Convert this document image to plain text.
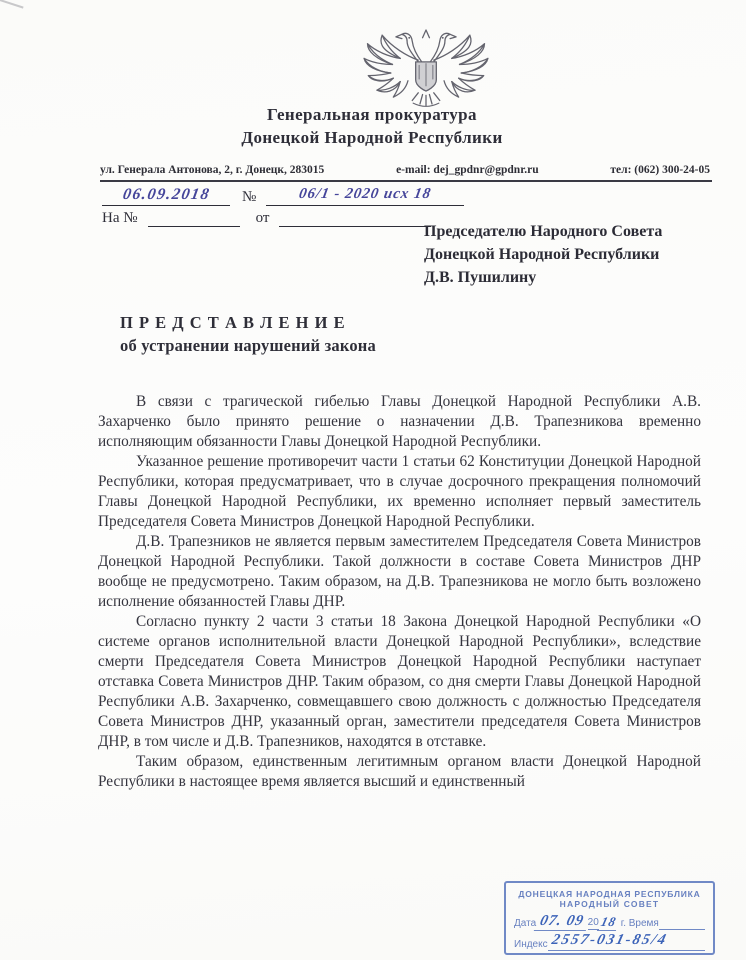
Генеральная прокуратура
Донецкой Народной Республики
ул. Генерала Антонова, 2, г. Донецк, 283015	e-mail: dej_gpdnr@gpdnr.ru	тел: (062) 300-24-05
06.09.2018	№	06/1 - 2020 исх 18
На №	от
Председателю Народного Совета
Донецкой Народной Республики
Д.В. Пушилину
П Р Е Д С Т А В Л Е Н И Е
об устранении нарушений закона

В связи с трагической гибелью Главы Донецкой Народной Республики А.В. Захарченко было принято решение о назначении Д.В. Трапезникова временно исполняющим обязанности Главы Донецкой Народной Республики.

Указанное решение противоречит части 1 статьи 62 Конституции Донецкой Народной Республики, которая предусматривает, что в случае досрочного прекращения полномочий Главы Донецкой Народной Республики, их временно исполняет первый заместитель Председателя Совета Министров Донецкой Народной Республики.

Д.В. Трапезников не является первым заместителем Председателя Совета Министров Донецкой Народной Республики. Такой должности в составе Совета Министров ДНР вообще не предусмотрено. Таким образом, на Д.В. Трапезникова не могло быть возложено исполнение обязанностей Главы ДНР.

Согласно пункту 2 части 3 статьи 18 Закона Донецкой Народной Республики «О системе органов исполнительной власти Донецкой Народной Республики», вследствие смерти Председателя Совета Министров Донецкой Народной Республики наступает отставка Совета Министров ДНР. Таким образом, со дня смерти Главы Донецкой Народной Республики А.В. Захарченко, совмещавшего свою должность с должностью Председателя Совета Министров ДНР, указанный орган, заместители председателя Совета Министров ДНР, в том числе и Д.В. Трапезников, находятся в отставке.

Таким образом, единственным легитимным органом власти Донецкой Народной Республики в настоящее время является высший и единственный

ДОНЕЦКАЯ НАРОДНАЯ РЕСПУБЛИКА
НАРОДНЫЙ СОВЕТ
Дата 07. 09 20 18 г. Время
Индекс 2557-031-85/4
